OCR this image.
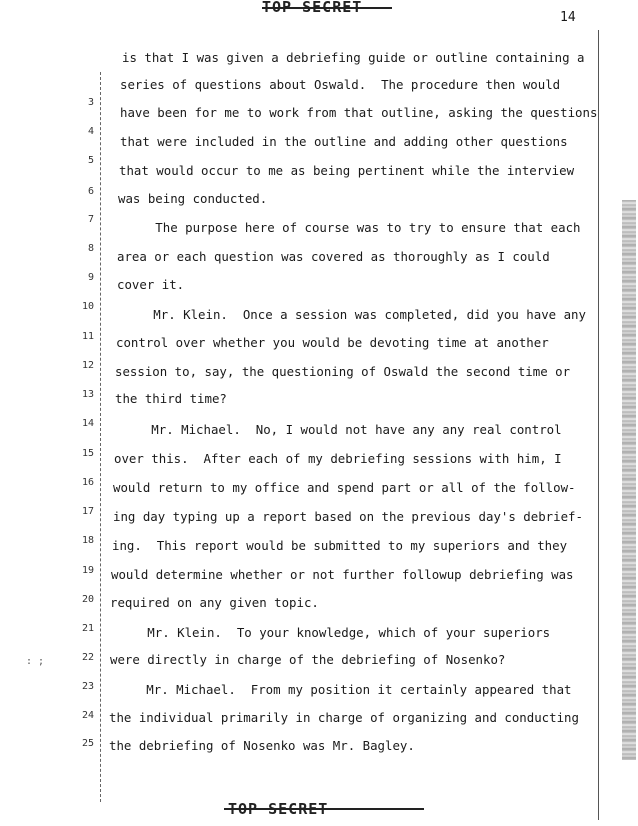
TOP SECRET
14
: ;
3
4
5
6
7
8
9
10
11
12
13
14
15
16
17
18
19
20
21
22
23
24
25
is that I was given a debriefing guide or outline containing a
series of questions about Oswald.  The procedure then would
have been for me to work from that outline, asking the questions
that were included in the outline and adding other questions
that would occur to me as being pertinent while the interview
was being conducted.
The purpose here of course was to try to ensure that each
area or each question was covered as thoroughly as I could
cover it.
Mr. Klein.  Once a session was completed, did you have any
control over whether you would be devoting time at another
session to, say, the questioning of Oswald the second time or
the third time?
Mr. Michael.  No, I would not have any any real control
over this.  After each of my debriefing sessions with him, I
would return to my office and spend part or all of the follow-
ing day typing up a report based on the previous day's debrief-
ing.  This report would be submitted to my superiors and they
would determine whether or not further followup debriefing was
required on any given topic.
Mr. Klein.  To your knowledge, which of your superiors
were directly in charge of the debriefing of Nosenko?
Mr. Michael.  From my position it certainly appeared that
the individual primarily in charge of organizing and conducting
the debriefing of Nosenko was Mr. Bagley.
TOP SECRET
